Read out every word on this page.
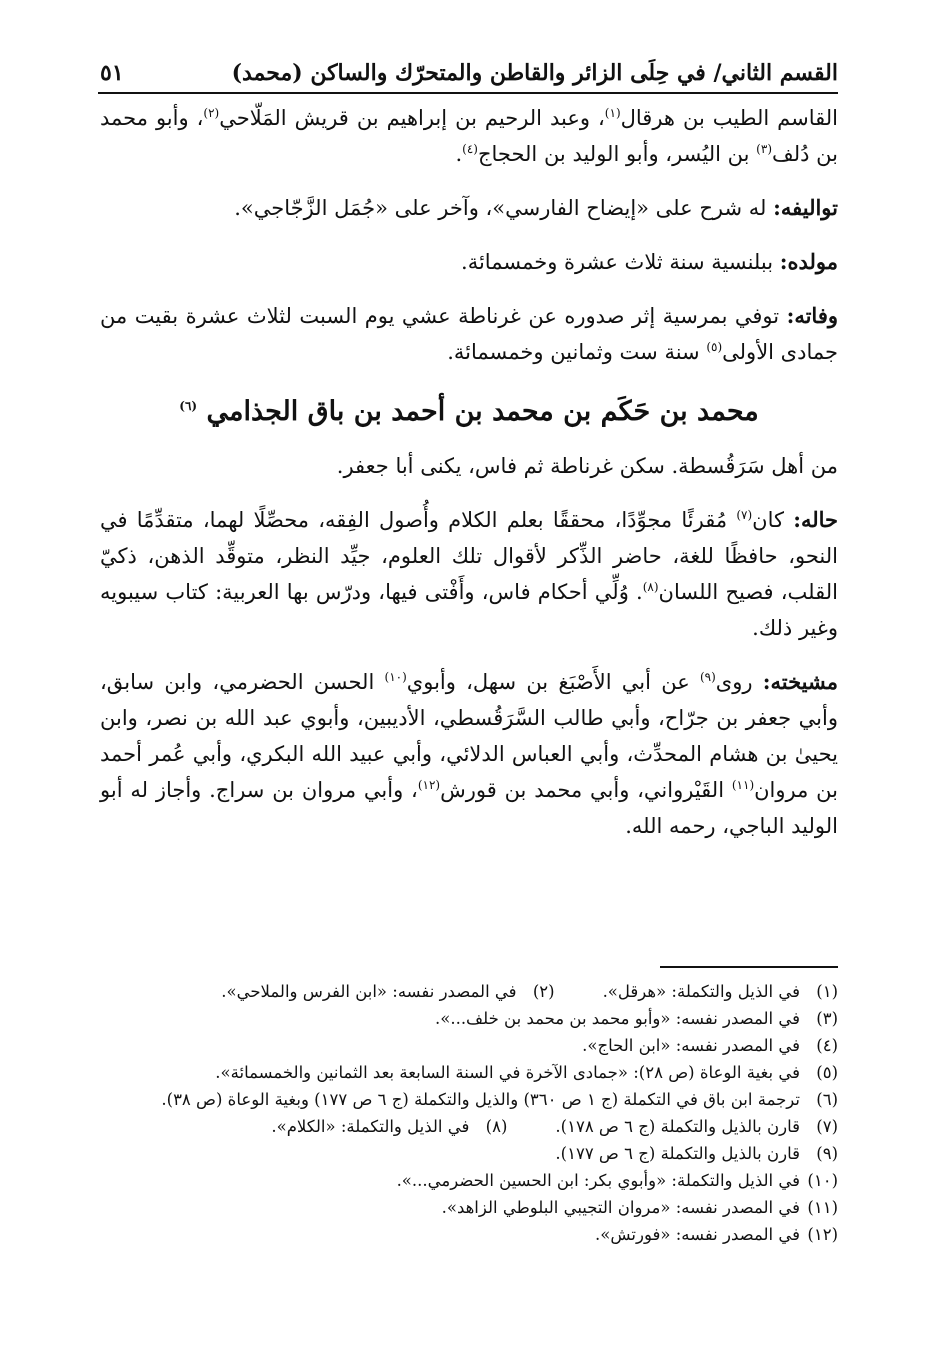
القسم الثاني/ في حِلَى الزائر والقاطن والمتحرّك والساكن (محمد)
٥١

القاسم الطيب بن هرقال$^{(١)}$، وعبد الرحيم بن إبراهيم بن قريش المَلّاحي$^{(٢)}$، وأبو محمد بن دُلف$^{(٣)}$ بن اليُسر، وأبو الوليد بن الحجاج$^{(٤)}$.

تواليفه: له شرح على «إيضاح الفارسي»، وآخر على «جُمَل الزَّجّاجي».

مولده: ببلنسية سنة ثلاث عشرة وخمسمائة.

وفاته: توفي بمرسية إثر صدوره عن غرناطة عشي يوم السبت لثلاث عشرة بقيت من جمادى الأولى$^{(٥)}$ سنة ست وثمانين وخمسمائة.

محمد بن حَكَم بن محمد بن أحمد بن باق الجذامي $^{(٦)}$

من أهل سَرَقُسطة. سكن غرناطة ثم فاس، يكنى أبا جعفر.

حاله: كان$^{(٧)}$ مُقرئًا مجوِّدًا، محققًا بعلم الكلام وأُصول الفِقه، محصِّلًا لهما، متقدِّمًا في النحو، حافظًا للغة، حاضر الذِّكر لأقوال تلك العلوم، جيِّد النظر، متوقِّد الذهن، ذكيّ القلب، فصيح اللسان$^{(٨)}$. وُلِّي أحكام فاس، وأَفْتى فيها، ودرّس بها العربية: كتاب سيبويه وغير ذلك.

مشيخته: روى$^{(٩)}$ عن أبي الأَصْبَغ بن سهل، وأبوي$^{(١٠)}$ الحسن الحضرمي، وابن سابق، وأبي جعفر بن جرّاح، وأبي طالب السَّرَقُسطي، الأديبين، وأبوي عبد الله بن نصر، وابن يحيىٰ بن هشام المحدِّث، وأبي العباس الدلائي، وأبي عبيد الله البكري، وأبي عُمر أحمد بن مروان$^{(١١)}$ القَيْرواني، وأبي محمد بن قورش$^{(١٢)}$، وأبي مروان بن سراج. وأجاز له أبو الوليد الباجي، رحمه الله.

(١)
في الذيل والتكملة: «هرقل».
(٢)
في المصدر نفسه: «ابن الفرس والملاحي».
(٣)
في المصدر نفسه: «وأبو محمد بن محمد بن خلف...».
(٤)
في المصدر نفسه: «ابن الحاج».
(٥)
في بغية الوعاة (ص ٢٨): «جمادى الآخرة في السنة السابعة بعد الثمانين والخمسمائة».
(٦)
ترجمة ابن باق في التكملة (ج ١ ص ٣٦٠) والذيل والتكملة (ج ٦ ص ١٧٧) وبغية الوعاة (ص ٣٨).
(٧)
قارن بالذيل والتكملة (ج ٦ ص ١٧٨).
(٨)
في الذيل والتكملة: «الكلام».
(٩)
قارن بالذيل والتكملة (ج ٦ ص ١٧٧).
(١٠)
في الذيل والتكملة: «وأبوي بكر: ابن الحسين الحضرمي...».
(١١)
في المصدر نفسه: «مروان التجيبي البلوطي الزاهد».
(١٢)
في المصدر نفسه: «فورتش».
